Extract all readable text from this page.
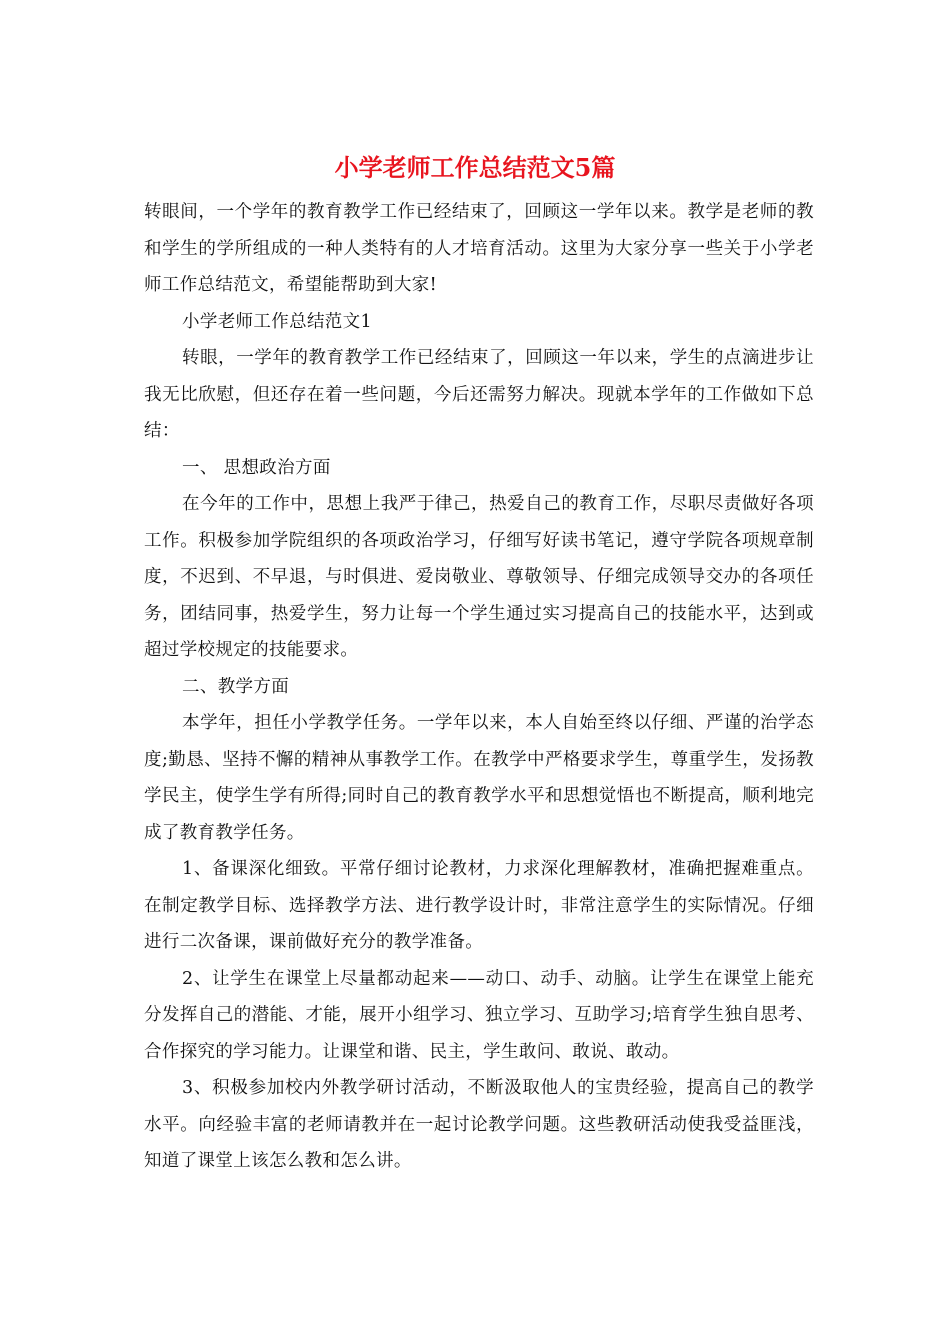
小学老师工作总结范文5篇

转眼间，一个学年的教育教学工作已经结束了，回顾这一学年以来。教学是老师的教和学生的学所组成的一种人类特有的人才培育活动。这里为大家分享一些关于小学老师工作总结范文，希望能帮助到大家!

小学老师工作总结范文1

转眼，一学年的教育教学工作已经结束了，回顾这一年以来，学生的点滴进步让我无比欣慰，但还存在着一些问题，今后还需努力解决。现就本学年的工作做如下总结：

一、 思想政治方面

在今年的工作中，思想上我严于律己，热爱自己的教育工作，尽职尽责做好各项工作。积极参加学院组织的各项政治学习，仔细写好读书笔记，遵守学院各项规章制度，不迟到、不早退，与时俱进、爱岗敬业、尊敬领导、仔细完成领导交办的各项任务，团结同事，热爱学生，努力让每一个学生通过实习提高自己的技能水平，达到或超过学校规定的技能要求。

二、教学方面

本学年，担任小学教学任务。一学年以来，本人自始至终以仔细、严谨的治学态度;勤恳、坚持不懈的精神从事教学工作。在教学中严格要求学生，尊重学生，发扬教学民主，使学生学有所得;同时自己的教育教学水平和思想觉悟也不断提高，顺利地完成了教育教学任务。

1、备课深化细致。平常仔细讨论教材，力求深化理解教材，准确把握难重点。在制定教学目标、选择教学方法、进行教学设计时，非常注意学生的实际情况。仔细进行二次备课，课前做好充分的教学准备。

2、让学生在课堂上尽量都动起来——动口、动手、动脑。让学生在课堂上能充分发挥自己的潜能、才能，展开小组学习、独立学习、互助学习;培育学生独自思考、合作探究的学习能力。让课堂和谐、民主，学生敢问、敢说、敢动。

3、积极参加校内外教学研讨活动，不断汲取他人的宝贵经验，提高自己的教学水平。向经验丰富的老师请教并在一起讨论教学问题。这些教研活动使我受益匪浅，知道了课堂上该怎么教和怎么讲。
